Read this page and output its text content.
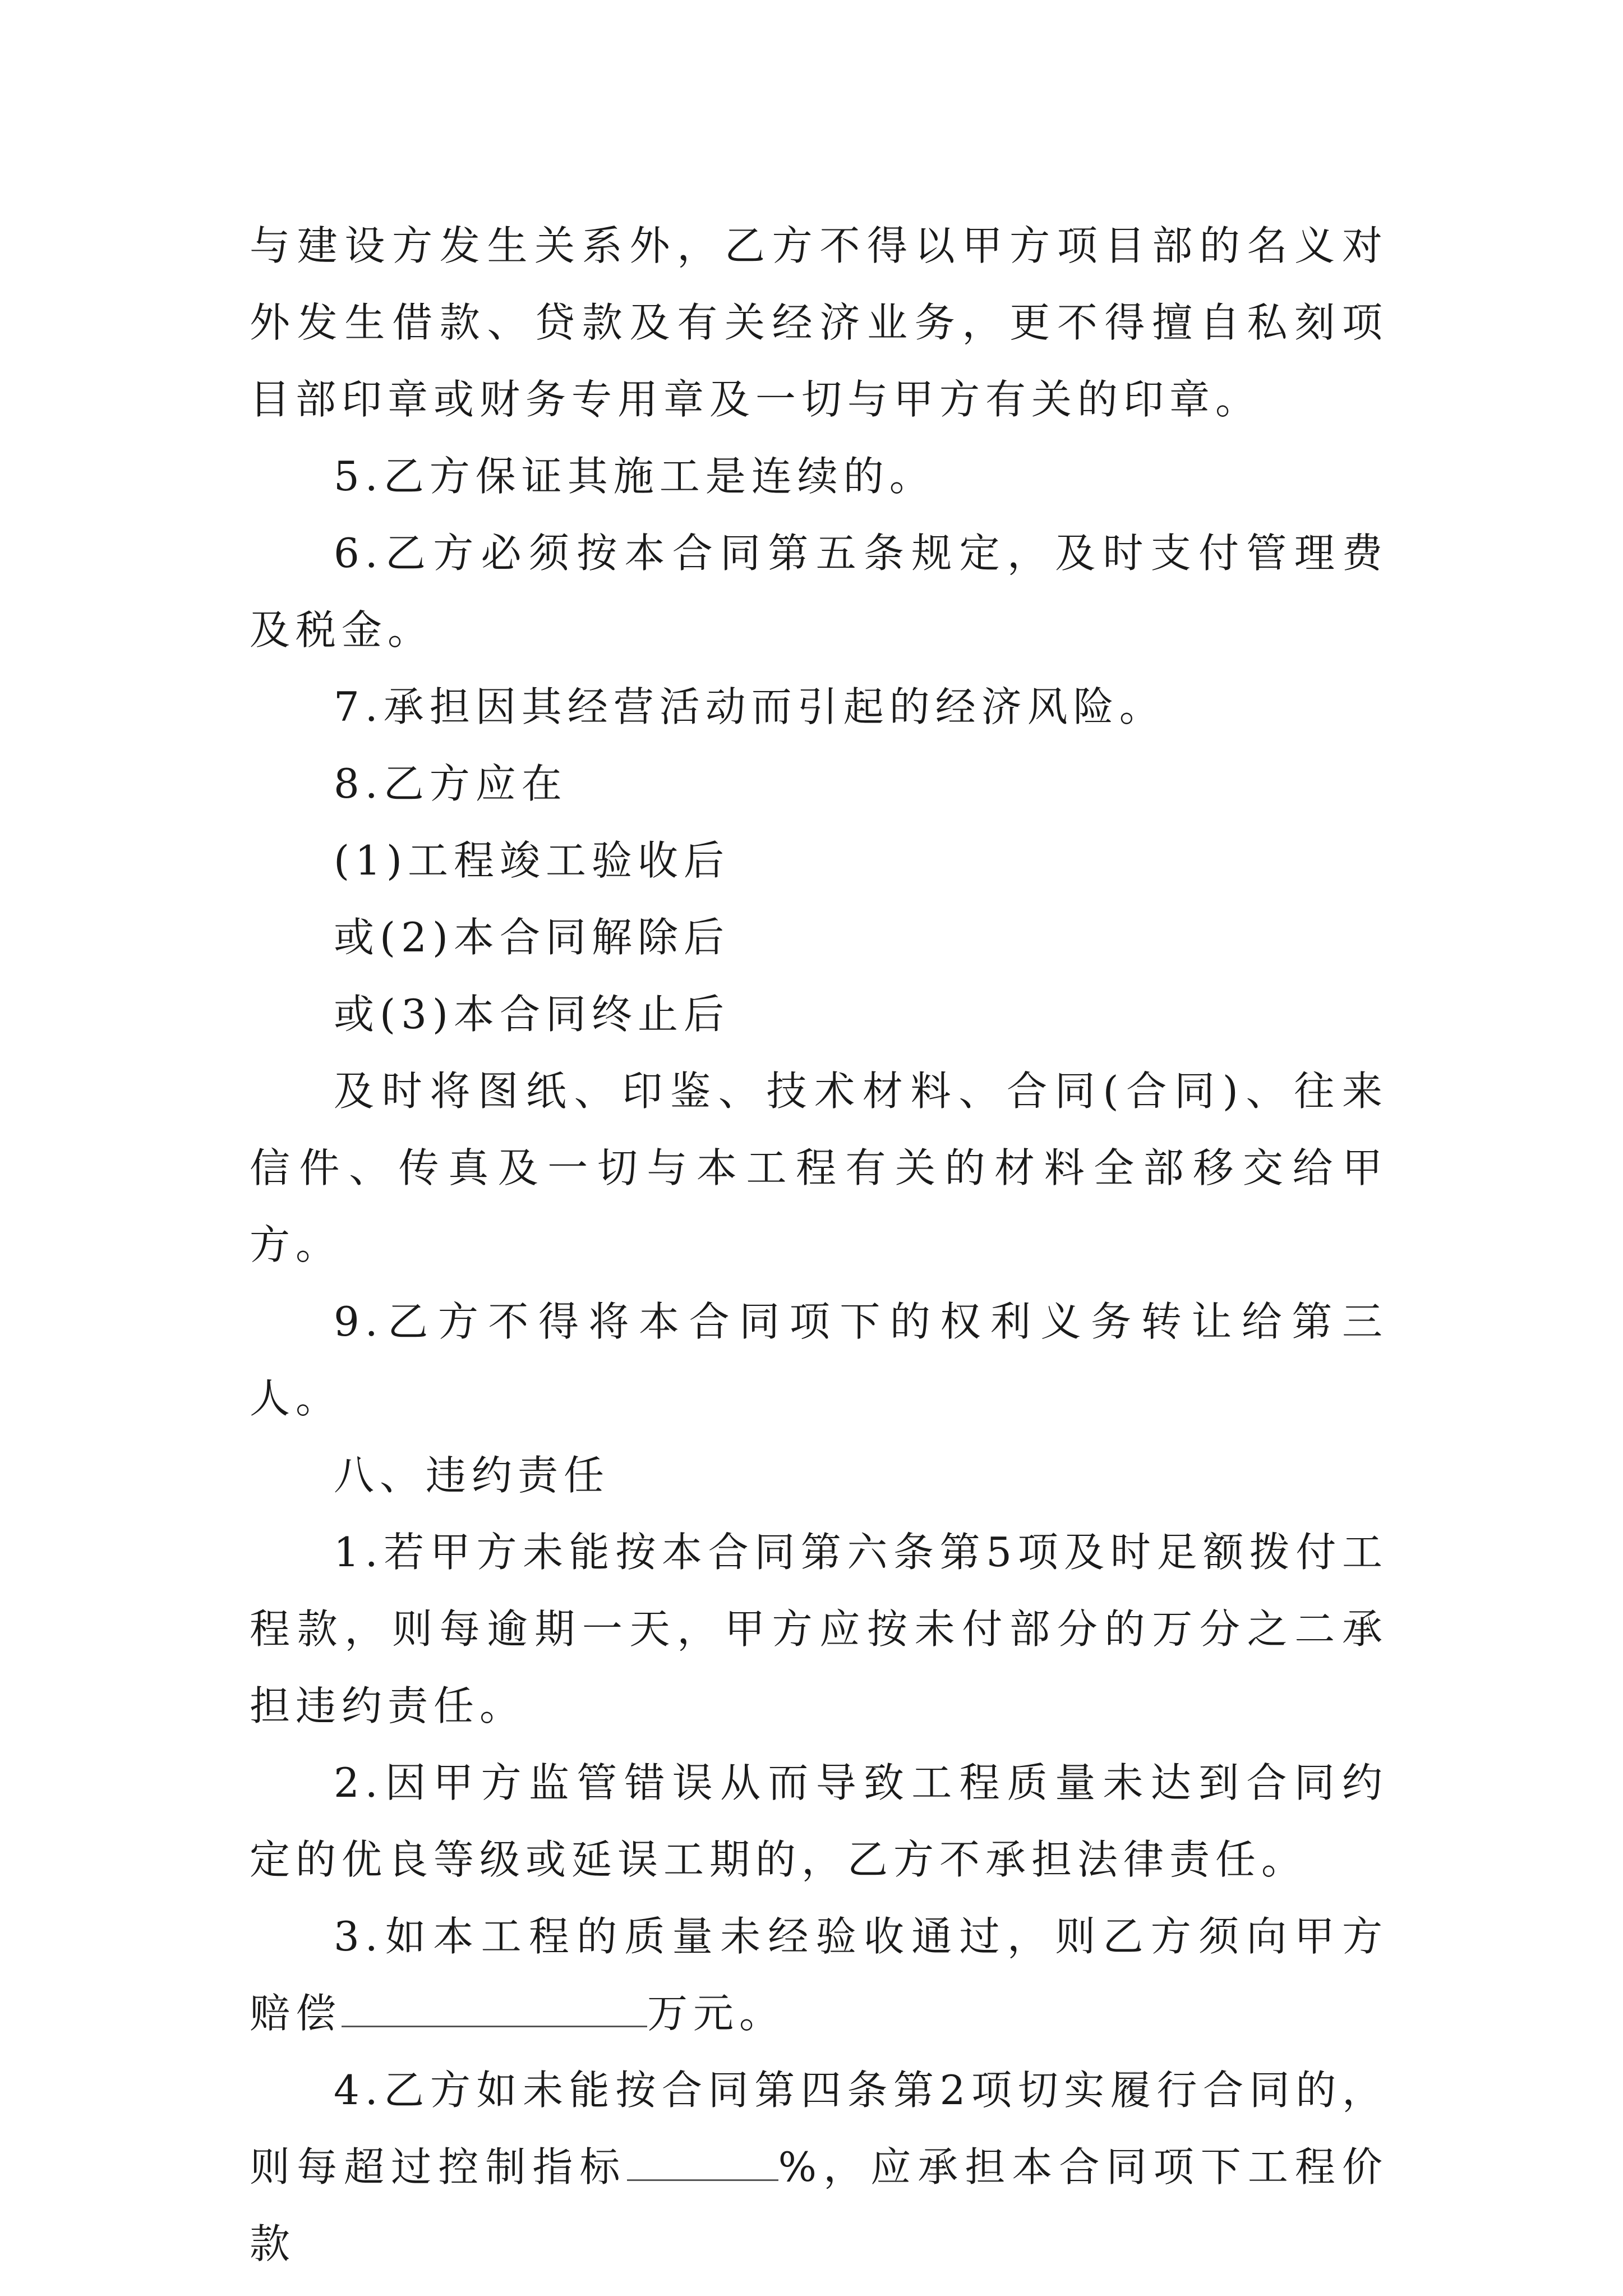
与建设方发生关系外，乙方不得以甲方项目部的名义对外发生借款、贷款及有关经济业务，更不得擅自私刻项目部印章或财务专用章及一切与甲方有关的印章。

5.乙方保证其施工是连续的。

6.乙方必须按本合同第五条规定，及时支付管理费及税金。

7.承担因其经营活动而引起的经济风险。

8.乙方应在

(1)工程竣工验收后

或(2)本合同解除后

或(3)本合同终止后

及时将图纸、印鉴、技术材料、合同(合同)、往来信件、传真及一切与本工程有关的材料全部移交给甲方。

9.乙方不得将本合同项下的权利义务转让给第三人。

八、违约责任

1.若甲方未能按本合同第六条第5项及时足额拨付工程款，则每逾期一天，甲方应按未付部分的万分之二承担违约责任。

2.因甲方监管错误从而导致工程质量未达到合同约定的优良等级或延误工期的，乙方不承担法律责任。

3.如本工程的质量未经验收通过，则乙方须向甲方赔偿	万元。

4.乙方如未能按合同第四条第2项切实履行合同的，则每超过控制指标	%，应承担本合同项下工程价款
